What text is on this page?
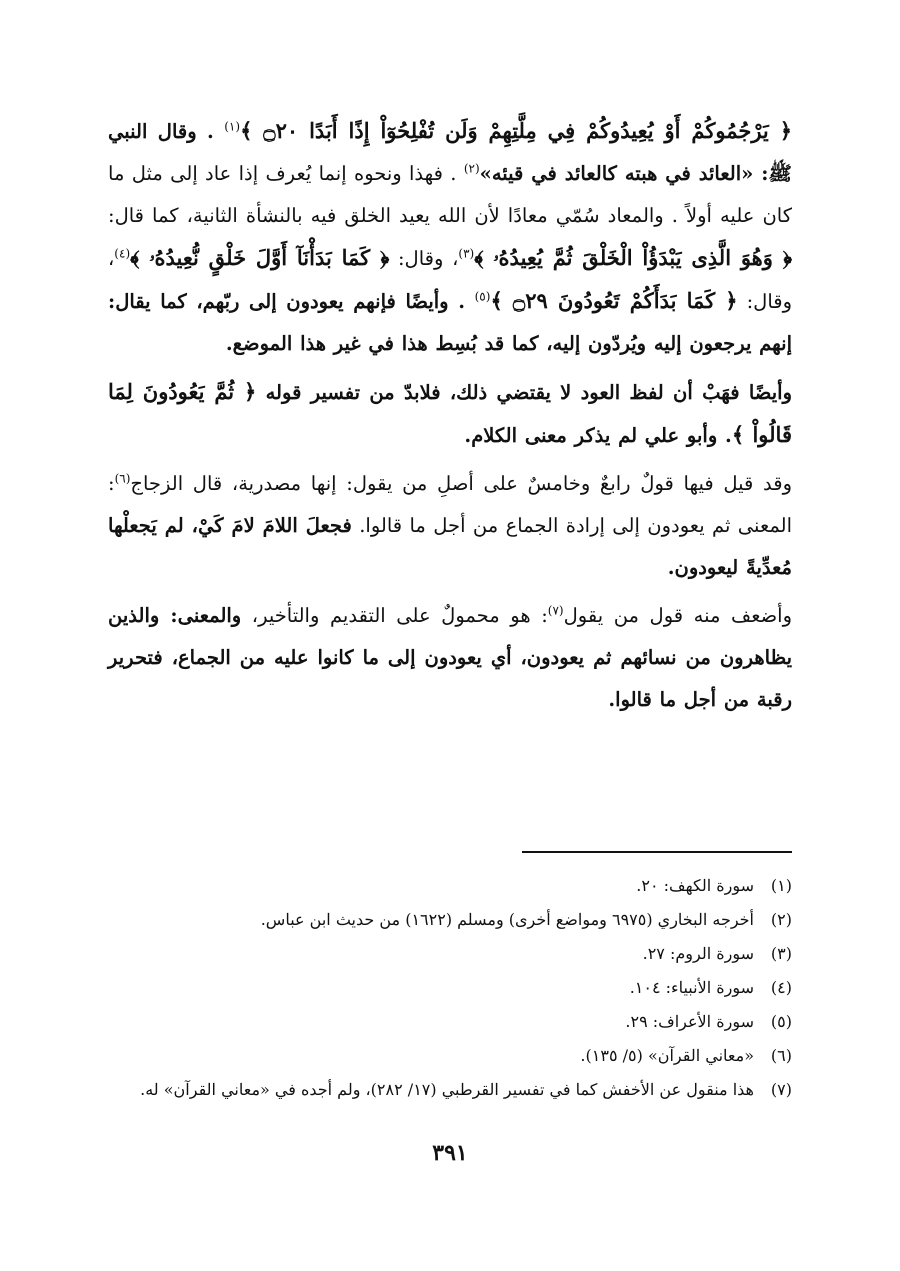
﴿ يَرْجُمُوكُمْ أَوْ يُعِيدُوكُمْ فِي مِلَّتِهِمْ وَلَن تُفْلِحُوٓاْ إِذًا أَبَدًا ۝٢٠ ﴾$^{(١)}$ . وقال النبي ﷺ: «العائد في هبته كالعائد في قيئه»$^{(٢)}$ . فهذا ونحوه إنما يُعرف إذا عاد إلى مثل ما كان عليه أولاً . والمعاد سُمّي معادًا لأن الله يعيد الخلق فيه بالنشأة الثانية، كما قال: ﴿ وَهُوَ الَّذِى يَبْدَؤُاْ الْخَلْقَ ثُمَّ يُعِيدُهُۥ ﴾$^{(٣)}$، وقال: ﴿ كَمَا بَدَأْنَآ أَوَّلَ خَلْقٍ نُّعِيدُهُۥ ﴾$^{(٤)}$، وقال: ﴿ كَمَا بَدَأَكُمْ تَعُودُونَ ۝٢٩ ﴾$^{(٥)}$ . وأيضًا فإنهم يعودون إلى ربّهم، كما يقال: إنهم يرجعون إليه ويُردّون إليه، كما قد بُسِط هذا في غير هذا الموضع.

وأيضًا فهَبْ أن لفظ العود لا يقتضي ذلك، فلابدّ من تفسير قوله ﴿ ثُمَّ يَعُودُونَ لِمَا قَالُواْ ﴾. وأبو علي لم يذكر معنى الكلام.

وقد قيل فيها قولٌ رابعٌ وخامسٌ على أصلِ من يقول: إنها مصدرية، قال الزجاج$^{(٦)}$: المعنى ثم يعودون إلى إرادة الجماع من أجل ما قالوا. فجعلَ اللامَ لامَ كَيْ، لم يَجعلْها مُعدِّيةً ليعودون.

وأضعف منه قول من يقول$^{(٧)}$: هو محمولٌ على التقديم والتأخير، والمعنى: والذين يظاهرون من نسائهم ثم يعودون، أي يعودون إلى ما كانوا عليه من الجماع، فتحرير رقبة من أجل ما قالوا.

(١)
سورة الكهف: ٢٠.
(٢)
أخرجه البخاري (٦٩٧٥ ومواضع أخرى) ومسلم (١٦٢٢) من حديث ابن عباس.
(٣)
سورة الروم: ٢٧.
(٤)
سورة الأنبياء: ١٠٤.
(٥)
سورة الأعراف: ٢٩.
(٦)
«معاني القرآن» (٥/ ١٣٥).
(٧)
هذا منقول عن الأخفش كما في تفسير القرطبي (١٧/ ٢٨٢)، ولم أجده في «معاني القرآن» له.
٣٩١
